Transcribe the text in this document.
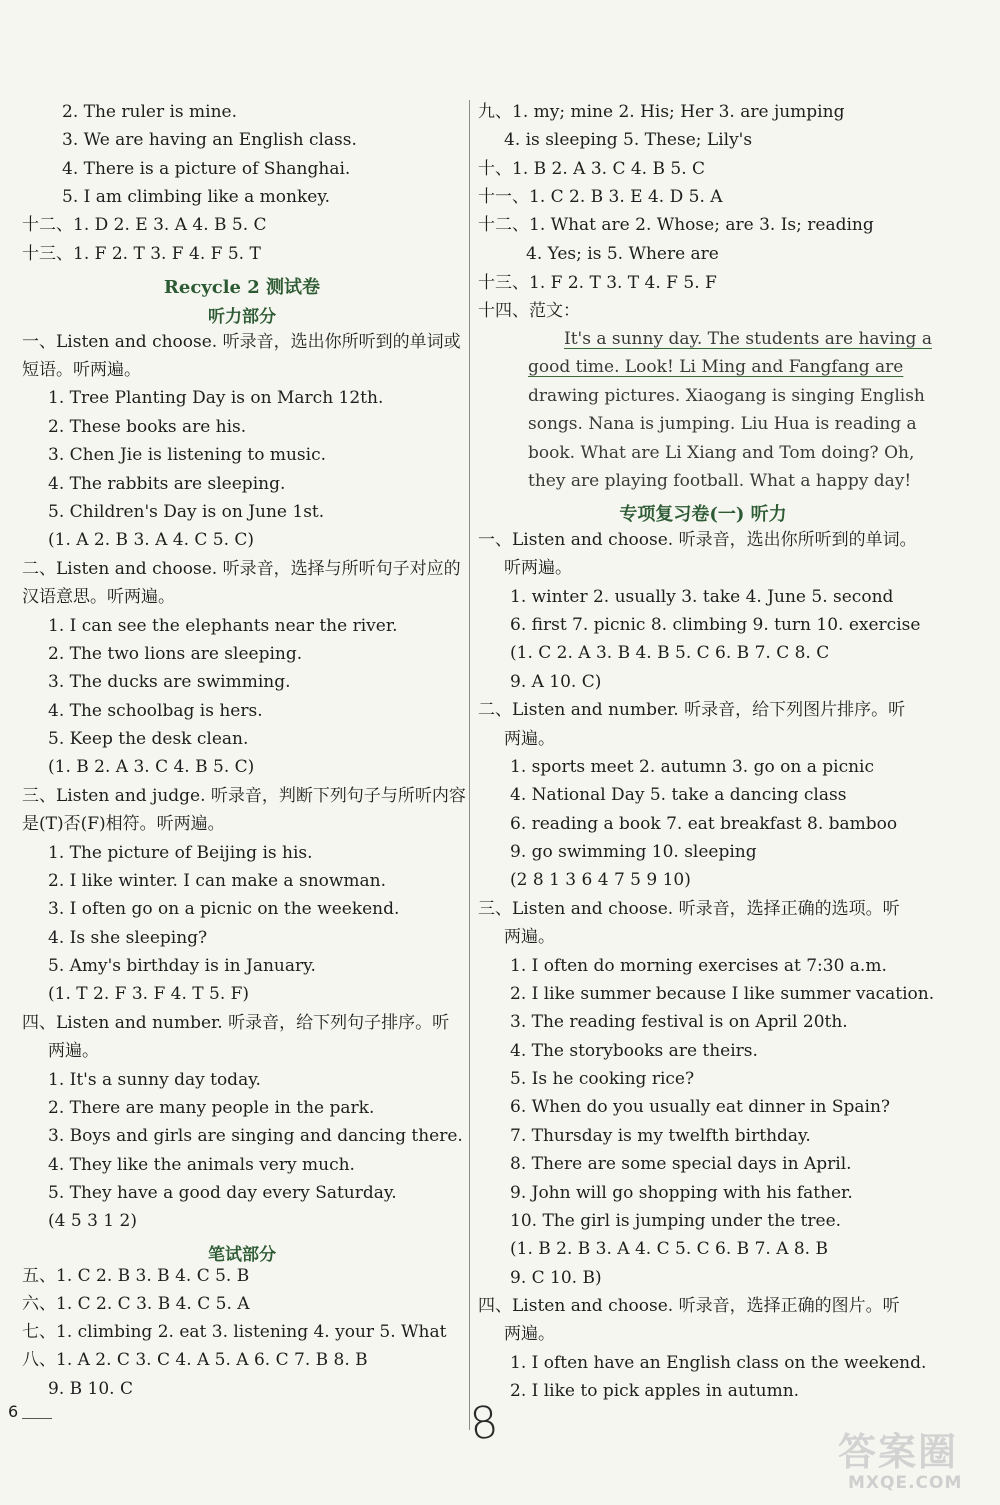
2. The ruler is mine.
3. We are having an English class.
4. There is a picture of Shanghai.
5. I am climbing like a monkey.
十二、1. D 2. E 3. A 4. B 5. C
十三、1. F 2. T 3. F 4. F 5. T
Recycle 2 测试卷
听力部分
一、Listen and choose. 听录音，选出你所听到的单词或
短语。听两遍。
1. Tree Planting Day is on March 12th.
2. These books are his.
3. Chen Jie is listening to music.
4. The rabbits are sleeping.
5. Children's Day is on June 1st.
(1. A 2. B 3. A 4. C 5. C)
二、Listen and choose. 听录音，选择与所听句子对应的
汉语意思。听两遍。
1. I can see the elephants near the river.
2. The two lions are sleeping.
3. The ducks are swimming.
4. The schoolbag is hers.
5. Keep the desk clean.
(1. B 2. A 3. C 4. B 5. C)
三、Listen and judge. 听录音，判断下列句子与所听内容
是(T)否(F)相符。听两遍。
1. The picture of Beijing is his.
2. I like winter. I can make a snowman.
3. I often go on a picnic on the weekend.
4. Is she sleeping?
5. Amy's birthday is in January.
(1. T 2. F 3. F 4. T 5. F)
四、Listen and number. 听录音，给下列句子排序。听
两遍。
1. It's a sunny day today.
2. There are many people in the park.
3. Boys and girls are singing and dancing there.
4. They like the animals very much.
5. They have a good day every Saturday.
(4 5 3 1 2)
笔试部分
五、1. C 2. B 3. B 4. C 5. B
六、1. C 2. C 3. B 4. C 5. A
七、1. climbing 2. eat 3. listening 4. your 5. What
八、1. A 2. C 3. C 4. A 5. A 6. C 7. B 8. B
9. B 10. C
6
九、1. my; mine 2. His; Her 3. are jumping
4. is sleeping 5. These; Lily's
十、1. B 2. A 3. C 4. B 5. C
十一、1. C 2. B 3. E 4. D 5. A
十二、1. What are 2. Whose; are 3. Is; reading
4. Yes; is 5. Where are
十三、1. F 2. T 3. T 4. F 5. F
十四、范文：
It's a sunny day. The students are having a
good time. Look! Li Ming and Fangfang are
drawing pictures. Xiaogang is singing English
songs. Nana is jumping. Liu Hua is reading a
book. What are Li Xiang and Tom doing? Oh,
they are playing football. What a happy day!
专项复习卷(一) 听力
一、Listen and choose. 听录音，选出你所听到的单词。
听两遍。
1. winter 2. usually 3. take 4. June 5. second
6. first 7. picnic 8. climbing 9. turn 10. exercise
(1. C 2. A 3. B 4. B 5. C 6. B 7. C 8. C
9. A 10. C)
二、Listen and number. 听录音，给下列图片排序。听
两遍。
1. sports meet 2. autumn 3. go on a picnic
4. National Day 5. take a dancing class
6. reading a book 7. eat breakfast 8. bamboo
9. go swimming 10. sleeping
(2 8 1 3 6 4 7 5 9 10)
三、Listen and choose. 听录音，选择正确的选项。听
两遍。
1. I often do morning exercises at 7:30 a.m.
2. I like summer because I like summer vacation.
3. The reading festival is on April 20th.
4. The storybooks are theirs.
5. Is he cooking rice?
6. When do you usually eat dinner in Spain?
7. Thursday is my twelfth birthday.
8. There are some special days in April.
9. John will go shopping with his father.
10. The girl is jumping under the tree.
(1. B 2. B 3. A 4. C 5. C 6. B 7. A 8. B
9. C 10. B)
四、Listen and choose. 听录音，选择正确的图片。听
两遍。
1. I often have an English class on the weekend.
2. I like to pick apples in autumn.
8
答案圈
MXQE.COM
